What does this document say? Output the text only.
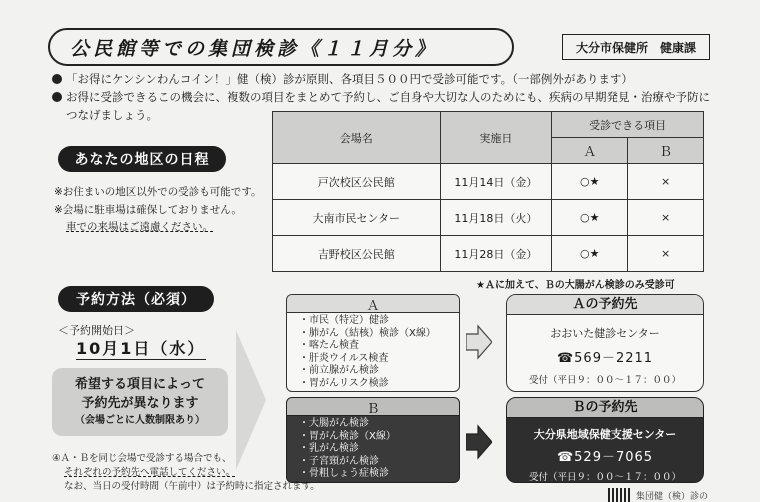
公民館等での集団検診《１１月分》	大分市保健所　健康課
「お得にケンシンわんコイン！」健（検）診が原則、各項目５００円で受診可能です。（一部例外があります）
お得に受診できるこの機会に、複数の項目をまとめて予約し、ご自身や大切な人のためにも、疾病の早期発見・治療や予防に
つなげましょう。
あなたの地区の日程
※お住まいの地区以外での受診も可能です。
※会場に駐車場は確保しておりません。
車での来場はご遠慮ください。
会場名	実施日	受診できる項目	
		Ａ	Ｂ
戸次校区公民館	11月14日（金）	○★	×
大南市民センター	11月18日（火）	○★	×
吉野校区公民館	11月28日（金）	○★	×
★Ａに加えて、Ｂの大腸がん検診のみ受診可
予約方法（必須）
＜予約開始日＞
10月1日（水）
希望する項目によって
予約先が異なります
（会場ごとに人数制限あり）
Ａ
・市民（特定）健診
・肺がん（結核）検診（X線）
・喀たん検査
・肝炎ウイルス検査
・前立腺がん検診
・胃がんリスク検診
Ｂ
・大腸がん検診
・胃がん検診（X線）
・乳がん検診
・子宮頸がん検診
・骨粗しょう症検診
Ａの予約先
おおいた健診センター
☎569－2211
受付（平日９：００～１７：００）
Ｂの予約先
大分県地域保健支援センター
☎529－7065
受付（平日９：００～１７：００）
④Ａ・Ｂを同じ会場で受診する場合でも、
それぞれの予約先へ電話してください。
なお、当日の受付時間（午前中）は予約時に指定されます。
集団健（検）診の
